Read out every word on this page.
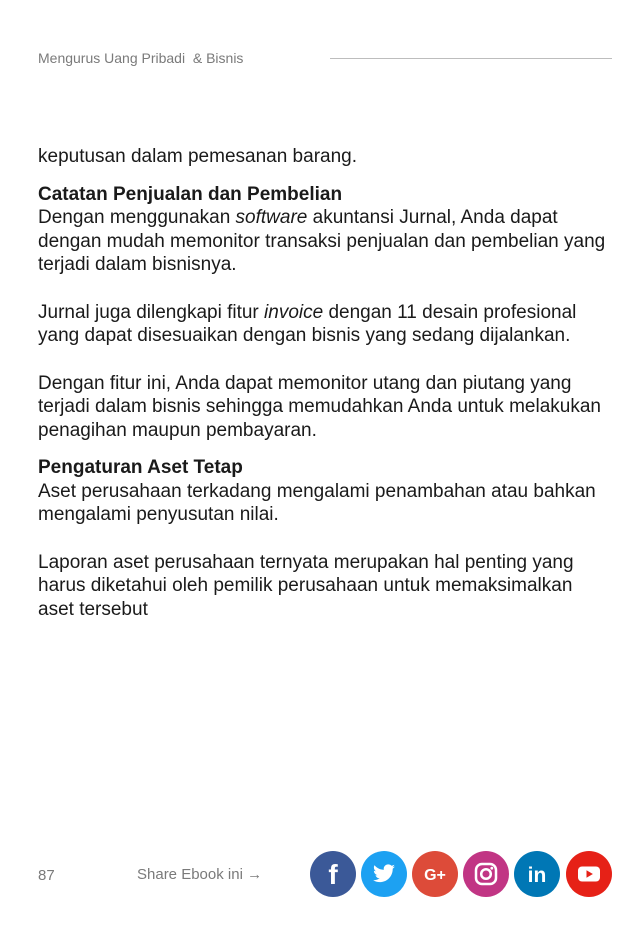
Mengurus Uang Pribadi  & Bisnis

keputusan dalam pemesanan barang.

Catatan Penjualan dan Pembelian

Dengan menggunakan software akuntansi Jurnal, Anda dapat dengan mudah memonitor transaksi penjualan dan pembelian yang terjadi dalam bisnisnya.

Jurnal juga dilengkapi fitur invoice dengan 11 desain profesional yang dapat disesuaikan dengan bisnis yang sedang dijalankan.

Dengan fitur ini, Anda dapat memonitor utang dan piutang yang terjadi dalam bisnis sehingga memudahkan Anda untuk melakukan penagihan maupun pembayaran.

Pengaturan Aset Tetap

Aset perusahaan terkadang mengalami penambahan atau bahkan mengalami penyusutan nilai.

Laporan aset perusahaan ternyata merupakan hal penting yang harus diketahui oleh pemilik perusahaan untuk memaksimalkan aset tersebut

87	Share Ebook ini → f	G+	in
